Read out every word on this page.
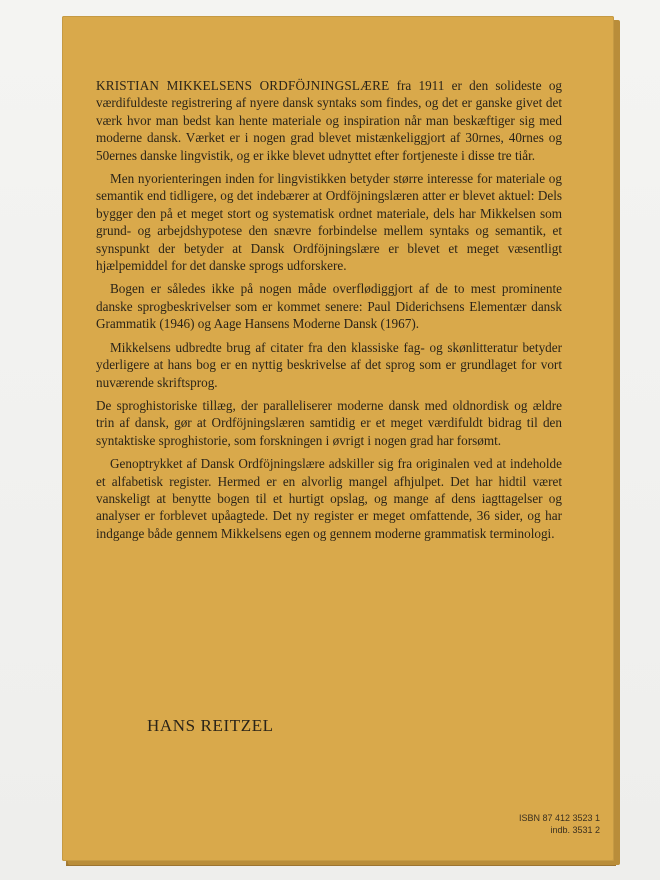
KRISTIAN MIKKELSENS ORDFÖJNINGSLÆRE fra 1911 er den solideste og værdifuldeste registrering af nyere dansk syntaks som findes, og det er ganske givet det værk hvor man bedst kan hente materiale og inspiration når man beskæftiger sig med moderne dansk. Værket er i nogen grad blevet mistænkeliggjort af 30rnes, 40rnes og 50ernes danske lingvistik, og er ikke blevet udnyttet efter fortjeneste i disse tre tiår.

Men nyorienteringen inden for lingvistikken betyder større interesse for materiale og semantik end tidligere, og det indebærer at Ordföjningslæren atter er blevet aktuel: Dels bygger den på et meget stort og systematisk ordnet materiale, dels har Mikkelsen som grund- og arbejdshypotese den snævre forbindelse mellem syntaks og semantik, et synspunkt der betyder at Dansk Ordföjningslære er blevet et meget væsentligt hjælpemiddel for det danske sprogs udforskere.

Bogen er således ikke på nogen måde overflødiggjort af de to mest prominente danske sprogbeskrivelser som er kommet senere: Paul Diderichsens Elementær dansk Grammatik (1946) og Aage Hansens Moderne Dansk (1967).

Mikkelsens udbredte brug af citater fra den klassiske fag- og skønlitteratur betyder yderligere at hans bog er en nyttig beskrivelse af det sprog som er grundlaget for vort nuværende skriftsprog.

De sproghistoriske tillæg, der paralleliserer moderne dansk med oldnordisk og ældre trin af dansk, gør at Ordföjningslæren samtidig er et meget værdifuldt bidrag til den syntaktiske sproghistorie, som forskningen i øvrigt i nogen grad har forsømt.

Genoptrykket af Dansk Ordföjningslære adskiller sig fra originalen ved at indeholde et alfabetisk register. Hermed er en alvorlig mangel afhjulpet. Det har hidtil været vanskeligt at benytte bogen til et hurtigt opslag, og mange af dens iagttagelser og analyser er forblevet upåagtede. Det ny register er meget omfattende, 36 sider, og har indgange både gennem Mikkelsens egen og gennem moderne grammatisk terminologi.

HANS REITZEL
ISBN 87 412 3523 1
indb. 3531 2
